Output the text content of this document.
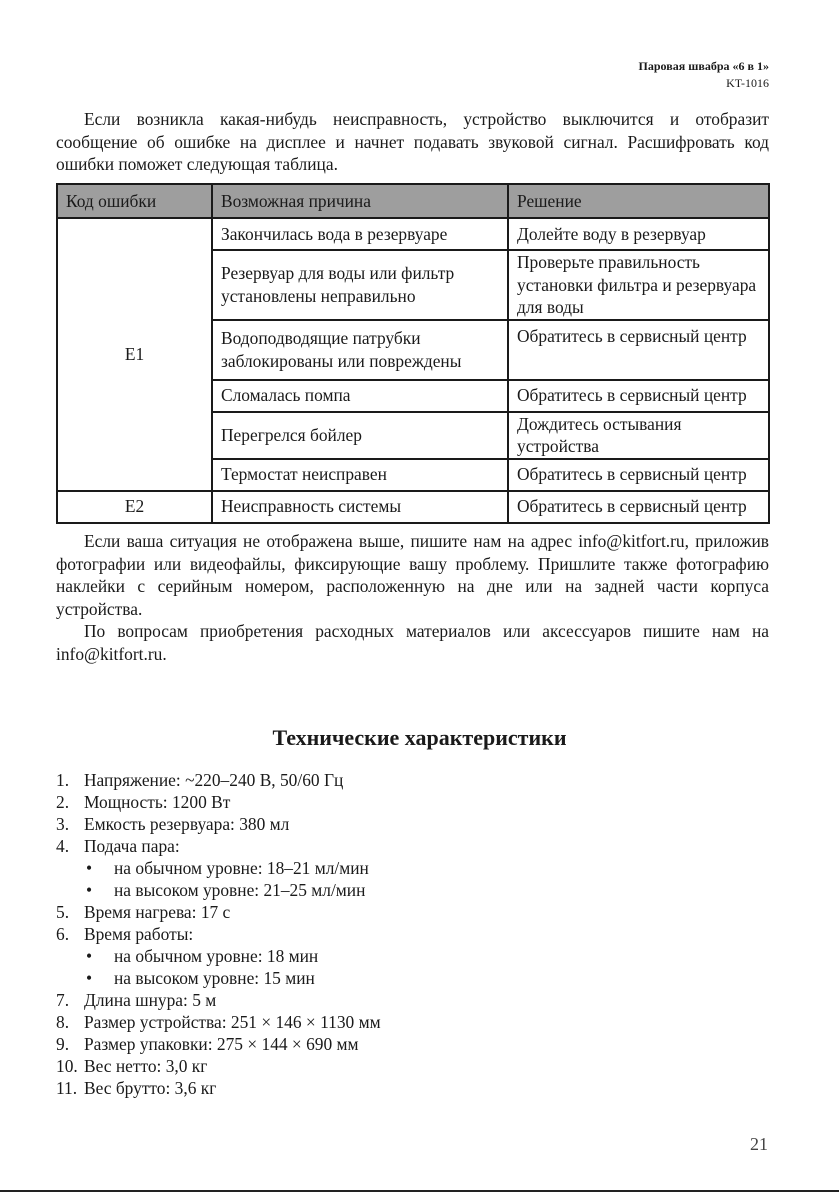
Паровая швабра «6 в 1»
KT-1016

Если возникла какая-нибудь неисправность, устройство выключится и отобразит сообщение об ошибке на дисплее и начнет подавать звуковой сигнал. Расшифровать код ошибки поможет следующая таблица.

Код ошибки	Возможная причина	Решение
E1	Закончилась вода в резервуаре	Долейте воду в резервуар
	Резервуар для воды или фильтр установлены неправильно	Проверьте правильность установки фильтра и резервуара для воды
	Водоподводящие патрубки заблокированы или повреждены	Обратитесь в сервисный центр
	Сломалась помпа	Обратитесь в сервисный центр
	Перегрелся бойлер	Дождитесь остывания устройства
	Термостат неисправен	Обратитесь в сервисный центр
E2	Неисправность системы	Обратитесь в сервисный центр

Если ваша ситуация не отображена выше, пишите нам на адрес info@kitfort.ru, приложив фотографии или видеофайлы, фиксирующие вашу проблему. Пришлите также фотографию наклейки с серийным номером, расположенную на дне или на задней части корпуса устройства.

По вопросам приобретения расходных материалов или аксессуаров пишите нам на info@kitfort.ru.

Технические характеристики
1. Напряжение: ~220–240 В, 50/60 Гц
2. Мощность: 1200 Вт
3. Емкость резервуара: 380 мл
4. Подача пара:
•	на обычном уровне: 18–21 мл/мин
•	на высоком уровне: 21–25 мл/мин
5. Время нагрева: 17 с
6. Время работы:
•	на обычном уровне: 18 мин
•	на высоком уровне: 15 мин
7. Длина шнура: 5 м
8. Размер устройства: 251 × 146 × 1130 мм
9. Размер упаковки: 275 × 144 × 690 мм
10. Вес нетто: 3,0 кг
11. Вес брутто: 3,6 кг
21
